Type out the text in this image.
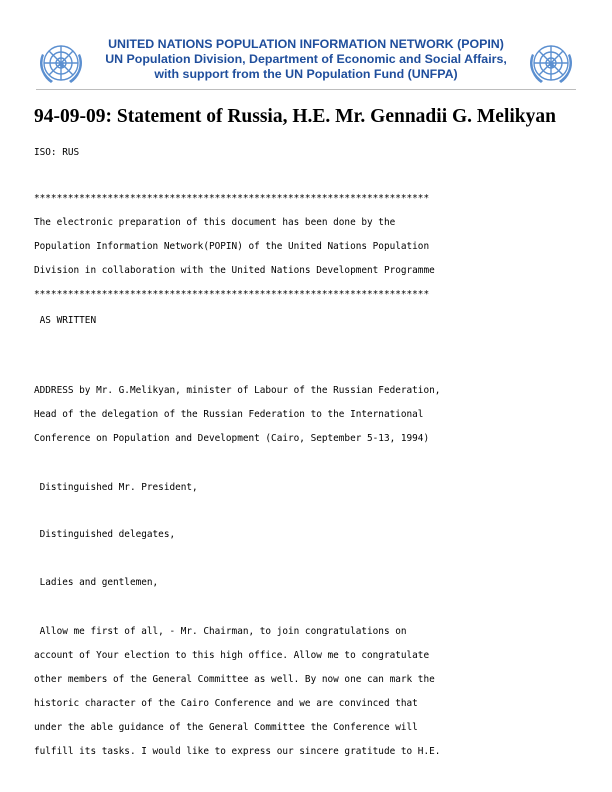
UNITED NATIONS POPULATION INFORMATION NETWORK (POPIN)
UN Population Division, Department of Economic and Social Affairs,
with support from the UN Population Fund (UNFPA)
94-09-09: Statement of Russia, H.E. Mr. Gennadii G. Melikyan
ISO: RUS
**********************************************************************
The electronic preparation of this document has been done by the
Population Information Network(POPIN) of the United Nations Population
Division in collaboration with the United Nations Development Programme
**********************************************************************
AS WRITTEN
ADDRESS by Mr. G.Melikyan, minister of Labour of the Russian Federation,
Head of the delegation of the Russian Federation to the International
Conference on Population and Development (Cairo, September 5-13, 1994)
Distinguished Mr. President,
Distinguished delegates,
Ladies and gentlemen,
Allow me first of all, - Mr. Chairman, to join congratulations on
account of Your election to this high office. Allow me to congratulate
other members of the General Committee as well. By now one can mark the
historic character of the Cairo Conference and we are convinced that
under the able guidance of the General Committee the Conference will
fulfill its tasks. I would like to express our sincere gratitude to H.E.
